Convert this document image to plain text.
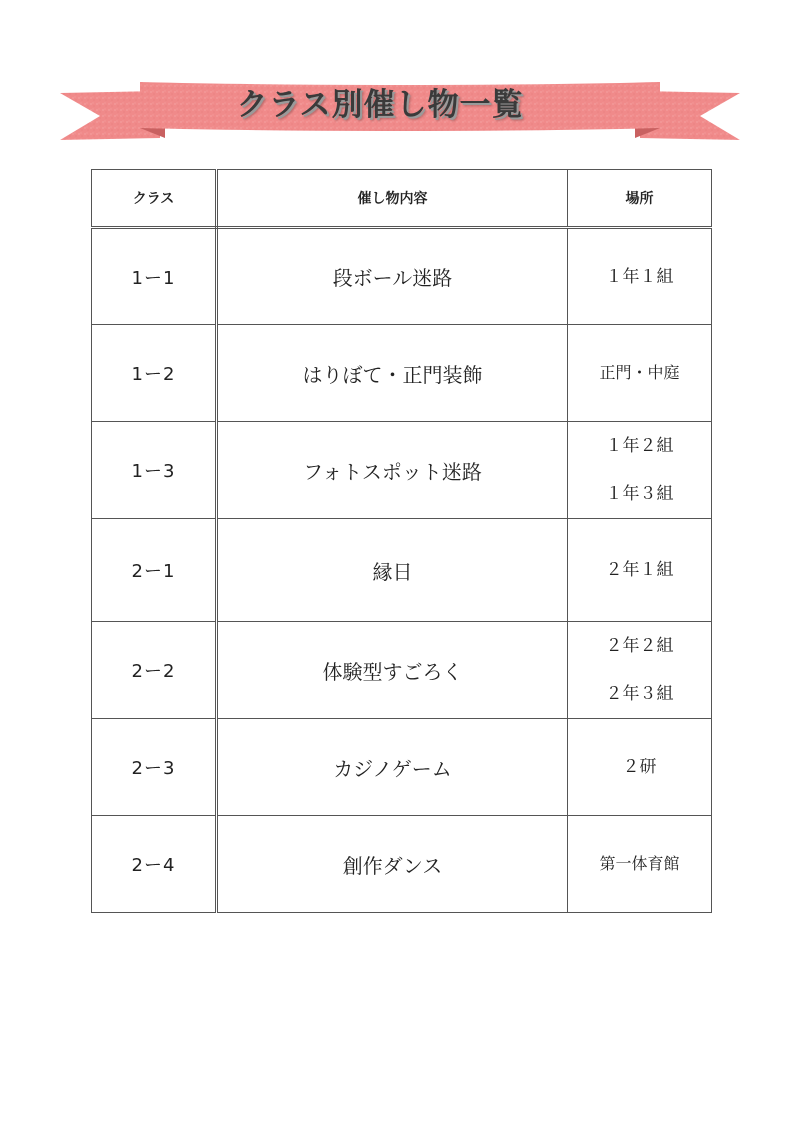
クラス別催し物一覧
クラス	催し物内容	場所
1ー1	段ボール迷路	１年１組

1ー2	はりぼて・正門装飾	正門・中庭

1ー3	フォトスポット迷路	１年２組
１年３組

2ー1	縁日	２年１組

2ー2	体験型すごろく	２年２組
２年３組

2ー3	カジノゲーム	２研

2ー4	創作ダンス	第一体育館
